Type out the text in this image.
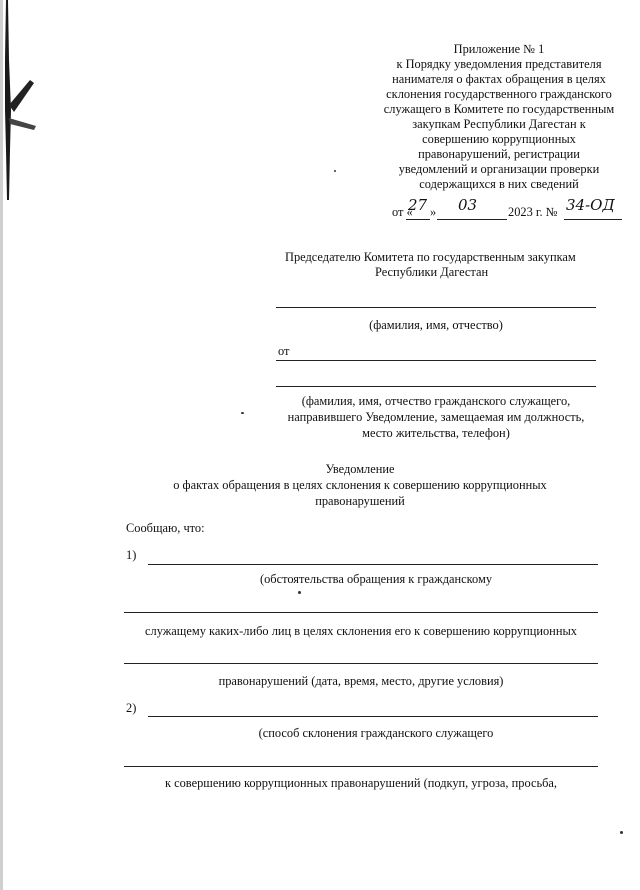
Приложение № 1
к Порядку уведомления представителя
нанимателя о фактах обращения в целях
склонения государственного гражданского
служащего в Комитете по государственным
закупкам Республики Дагестан к
совершению коррупционных
правонарушений, регистрации
уведомлений и организации проверки
содержащихся в них сведений
от «
27 » 03 2023 г. № 34-ОД
Председателю Комитета по государственным закупкам
Республики Дагестан
(фамилия, имя, отчество)
от
(фамилия, имя, отчество гражданского служащего,
направившего Уведомление, замещаемая им должность,
место жительства, телефон)
Уведомление
о фактах обращения в целях склонения к совершению коррупционных
правонарушений
Сообщаю, что:
1)
(обстоятельства обращения к гражданскому
служащему каких-либо лиц в целях склонения его к совершению коррупционных
правонарушений (дата, время, место, другие условия)
2)
(способ склонения гражданского служащего
к совершению коррупционных правонарушений (подкуп, угроза, просьба,
